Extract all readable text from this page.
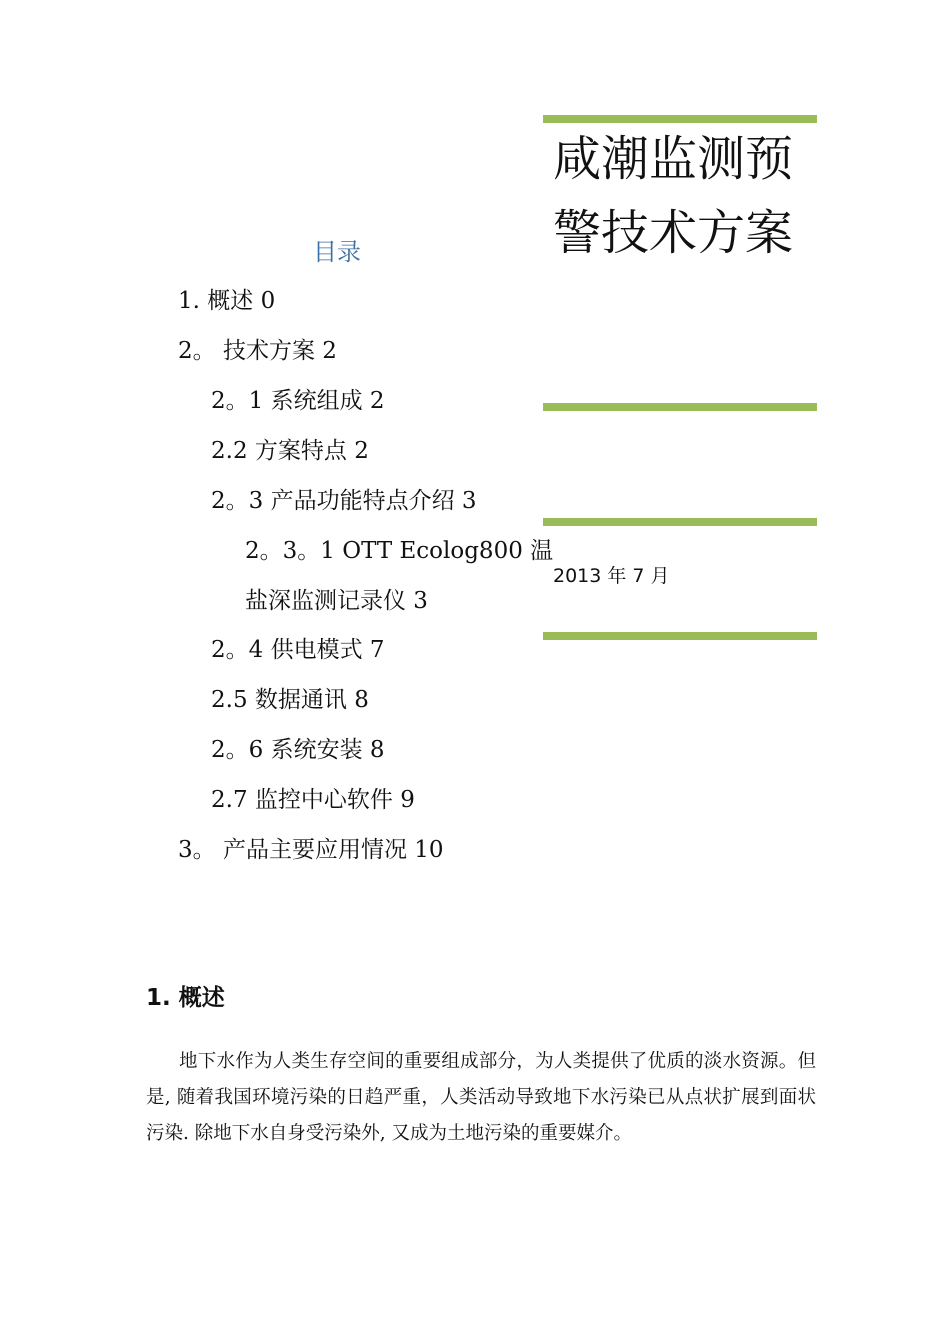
目录
1. 概述 0
2。 技术方案 2
2。1 系统组成 2
2.2 方案特点 2
2。3 产品功能特点介绍 3
2。3。1 OTT Ecolog800 温
盐深监测记录仪 3
2。4 供电模式 7
2.5 数据通讯 8
2。6 系统安装 8
2.7 监控中心软件 9
3。 产品主要应用情况 10
咸潮监测预警技术方案
2013 年 7 月
1. 概述
地下水作为人类生存空间的重要组成部分，为人类提供了优质的淡水资源。但是, 随着我国环境污染的日趋严重，人类活动导致地下水污染已从点状扩展到面状污染. 除地下水自身受污染外, 又成为土地污染的重要媒介。
